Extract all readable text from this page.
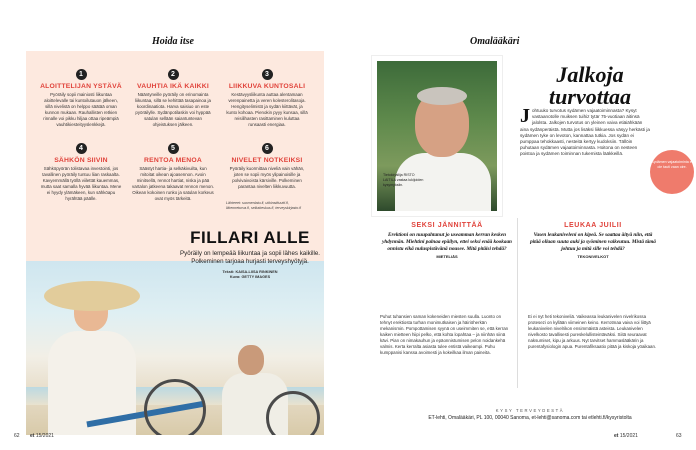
Hoida itse
1
ALOITTELIJAN YSTÄVÄ

Pyöräily sopii mainiosti liikuntaa aloittelevalle tai kuntoilutauon jälkeen, sillä nivelistä on helppo säätää oman kunnon mukaan. Rauhallisten retkien rinnalle voi pikku hiljaa ottaa ripeämpiä vauhtikiesteityyslenkkejä.

2
VAUHTIA IKÄ KAIKKI

Nääntyneille pyöräily on erinomainta liikuntaa, sillä se kehittää tasapainoa ja koordinaatiota. Harva saisiuo on este pyöräilylle. Sydänpotilaskin voi hyppää satulan sellään saiantuntevan ohjeistuksen jälkeen.

3
LIIKKUVA KUNTOSALI

Kestävyysliikunta auttaa alentamaan verenpainetta ja veren kolesterolitasoja. Hengityselimistö ja sydän kiittävät, ja kunto kohoaa. Pienokin pyyy kunsaa, sillä reisilihasten rasittaminen kuluttaa runsaasti energiaa.

4
SÄHKÖN SIIVIN

Sähköpyörän tolistavaa investointi, jos tavallinen pyöräily tuntuu liian raskaalta. Kavyemmällä työllä viilettät kauemmas, mutta saat samalla hyvää liikuntaa. Mene ei hyydy ylämäkeen, kun sähköapu hyrähtää päälle.

5
RENTOA MENOA

Säästyt hartia- ja selkäkivuilta, kun mitoitat oikean ajoasennon. Avoin minitsellä, rennot hartiat, niska ja pää vartalon jatkeena takaavat rennon menon. Oikean kokoinen runko ja satulan korkeus ovat myös tärkeitä.

6
NIVELET NOTKEIKSI

Pyöräily kuormittaa niveliä vain vähän, joten se sopii myös ylipainoisille ja polvivaivoista kärsiville. Polkeminen parantaa nivelten liikkuvuutta.

Lähteeet: suomenlatu.fi, ukkinstituutti.fi, liikenneturva.fi, selkakeskus.fi, terveyskirjasto.fi
FILLARI ALLE

Pyöräily on lempeää liikuntaa ja sopii lähes kaikille. Polkeminen tarjoaa hurjasti terveyshyötyjä.

Teksti: KAISA-LIISA RINKINEN
Kuva: GETTY IMAGES
62 et 15/2021
Omalääkäri
Tietokirjailija RISTO LAITILA vastaa lukijoiden kysymyksiin.
Jalkoja turvottaa
J ohtuuko turvotus sydämen vajaatoiminnasta? Kysyt vastaanotolle muiksen tuihiz tytär 75-vuotiaan äitinsä jalolsta. Jalkojen turvotus on yleinen vaiva etiäiähkään aina sydänperäistä. Mutta jos lisäksi liikkuessa väsyy herkästi ja sydämen tyke on levoton, kannattaa tutkia. Jos sydän ei pumppaa tehokkaasti, nesteitä kertyy kudoksiin. Tällöin puhutaan sydämen vajaatoiminnasta. Hoitona on nesteen poistoa ja sydämen toiminnan tukemista lääkkeillä.
Sydämen vajaatoiminta ei ole tauti vaan oire.
SEKSI JÄNNITTÄÄ
Erektioni on nuupahtanut jo useamman kerran kesken yhdynnän. Miehtini palnaa epäilyn, ettei seksi enää kookaan onnistu eikä nuluspistävänä nousee. Mitä pitäisi tehdä?
MIETELIÄS
Puhut tuhansien saman kokeneiden miesten suulla. Luonto on tehnyt erektiosta turhan monimutkaisen ja häiriöherkän mekanismin. Pompottamisen syynä on useimmiten se, että kerran kaiken mietteen hiipi pelko, että kohta lopahtaa – ja niinhän siinä kävi. Pian on nimakauhun ja epäonnistumisen pelon noidankehä valmis. Kerta kerralta asiasta tulee entistä vaikeampi. Puhu kumppanisi kanssa avoimesti ja kokeilkaa ilman paineita.
LEUKAA JUILII
Vasen leukaniveleni on kipeä. Se saattaa äityä niin, että pitää ollaan suuta auki ja syöminen vaikeutuu. Mistä tämä johtuu ja mitä sille voi tehdä?
TEKONIVELKOT
Ei ei nyt heti tekoniveliä. Vaikeassa leukanivelen nivelrikossa protesezi on kyllään viimeinen keino. Kerrotmaa vaiva voi liittyä leukanivelen nivelrikon ensimmäistä asteista. Leukanivelen nivelkosto tavallisesti pureskelullisteintäväksi. Siitä seuraavat naksumiset, kipu ja arkuus. Nyt tarvitset hammaslääkärin ja purentafysiologin apua. Purentafiksaatio pitää ja kiskoja yöaikaan.
KYSY TERVEYDESTÄ
ET-lehti, Omalääkäri, PL 100, 00040 Sanoma, et-lehti@sanoma.com tai etlehti.fi/kysyristolta
et 15/2021	63
